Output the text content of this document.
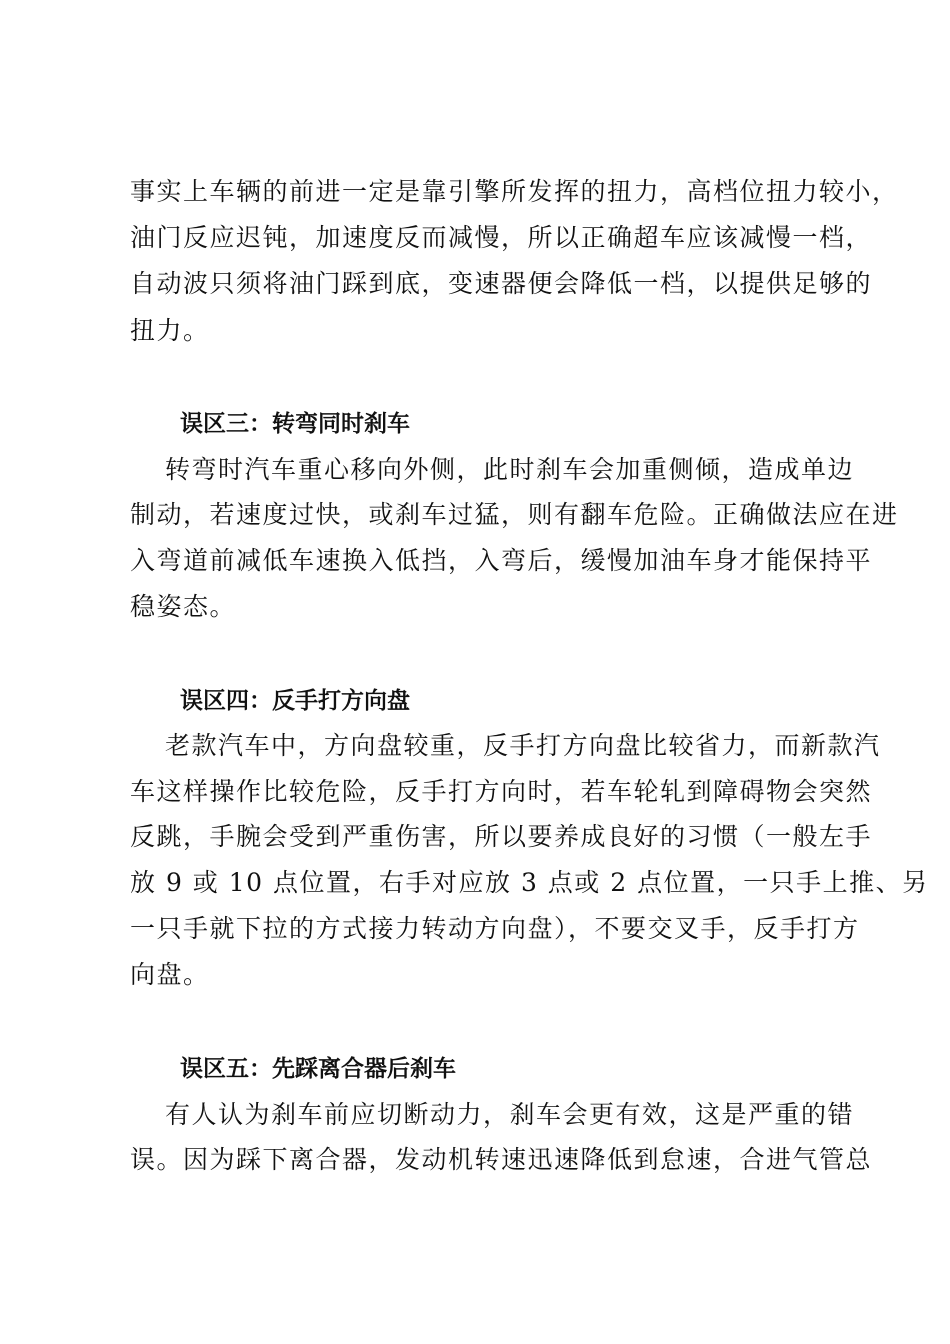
事实上车辆的前进一定是靠引擎所发挥的扭力，高档位扭力较小，
油门反应迟钝，加速度反而减慢，所以正确超车应该减慢一档，
自动波只须将油门踩到底，变速器便会降低一档，以提供足够的
扭力。
误区三：转弯同时刹车
转弯时汽车重心移向外侧，此时刹车会加重侧倾，造成单边
制动，若速度过快，或刹车过猛，则有翻车危险。正确做法应在进
入弯道前减低车速换入低挡，入弯后，缓慢加油车身才能保持平
稳姿态。
误区四：反手打方向盘
老款汽车中，方向盘较重，反手打方向盘比较省力，而新款汽
车这样操作比较危险，反手打方向时，若车轮轧到障碍物会突然
反跳，手腕会受到严重伤害，所以要养成良好的习惯（一般左手
放 9 或 10 点位置，右手对应放 3 点或 2 点位置，一只手上推、另
一只手就下拉的方式接力转动方向盘），不要交叉手，反手打方
向盘。
误区五：先踩离合器后刹车
有人认为刹车前应切断动力，刹车会更有效，这是严重的错
误。因为踩下离合器，发动机转速迅速降低到怠速，合进气管总
